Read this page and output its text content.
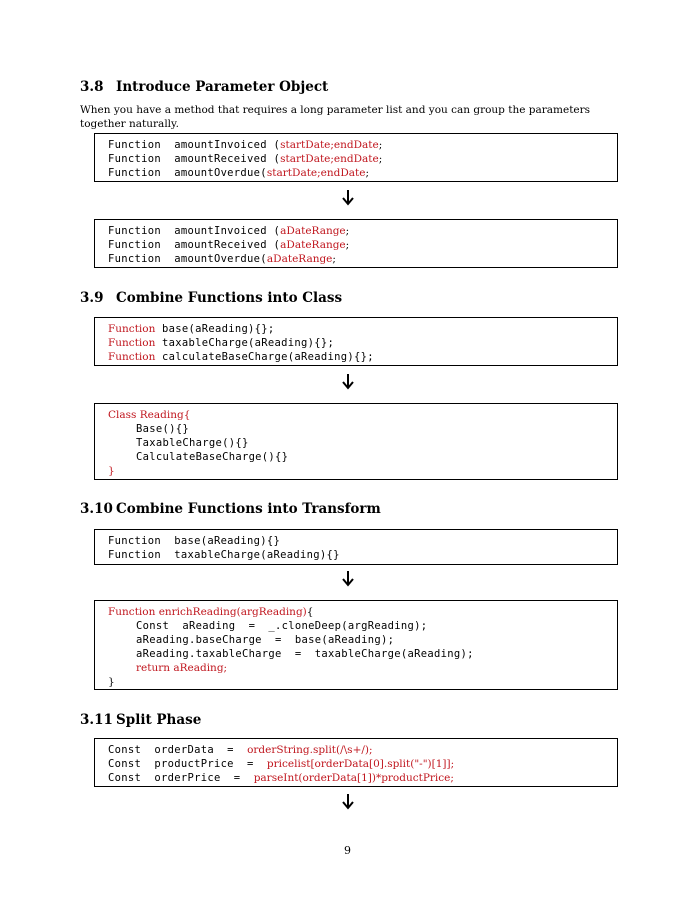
3.8 Introduce Parameter Object

When you have a method that requires a long parameter list and you can group the parameters together naturally.

Function  amountInvoiced (startDate;endDate;
Function  amountReceived (startDate;endDate;
Function  amountOverdue(startDate;endDate;
Function  amountInvoiced (aDateRange;
Function  amountReceived (aDateRange;
Function  amountOverdue(aDateRange;
3.9 Combine Functions into Class
Function base(aReading){};
Function taxableCharge(aReading){};
Function calculateBaseCharge(aReading){};
Class Reading{
Base(){}
TaxableCharge(){}
CalculateBaseCharge(){}
}
3.10 Combine Functions into Transform
Function  base(aReading){}
Function  taxableCharge(aReading){}
Function enrichReading(argReading){
Const  aReading  =  _.cloneDeep(argReading);
aReading.baseCharge  =  base(aReading);
aReading.taxableCharge  =  taxableCharge(aReading);
return aReading;
}
3.11 Split Phase
Const  orderData  =  orderString.split(/\s+/);
Const  productPrice  =  pricelist[orderData[0].split("-")[1]];
Const  orderPrice  =  parseInt(orderData[1])*productPrice;
9
